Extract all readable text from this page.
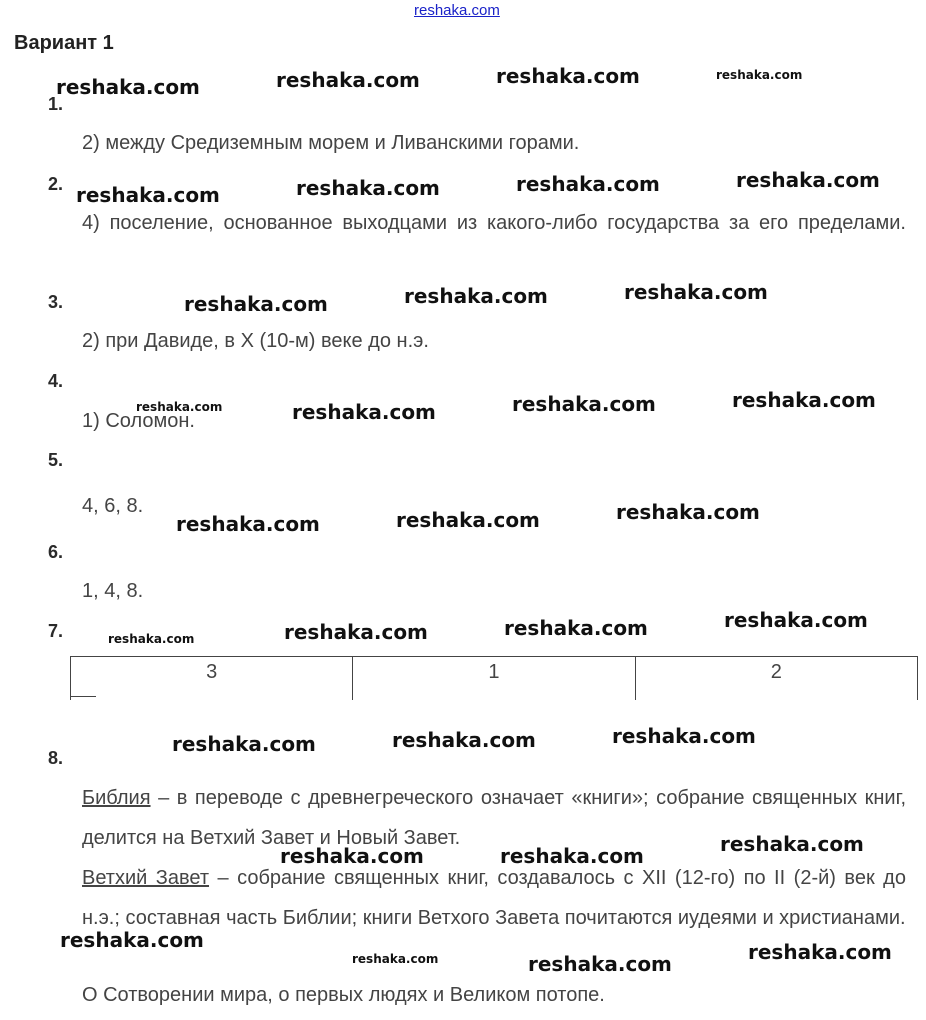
reshaka.com
Вариант 1
1.
2) между Средиземным морем и Ливанскими горами.
2.
4) поселение, основанное выходцами из какого-либо государства за его пределами.
3.
2) при Давиде, в X (10-м) веке до н.э.
4.
1) Соломон.
5.
4, 6, 8.
6.
1, 4, 8.
7.
3	1	2
8.
Библия – в переводе с древнегреческого означает «книги»; собрание священных книг, делится на Ветхий Завет и Новый Завет.
Ветхий Завет – собрание священных книг, создавалось с XII (12-го) по II (2-й) век до н.э.; составная часть Библии; книги Ветхого Завета почитаются иудеями и христианами.
О Сотворении мира, о первых людях и Великом потопе.
reshaka.com	reshaka.com	reshaka.com	reshaka.com
reshaka.com	reshaka.com	reshaka.com	reshaka.com
reshaka.com	reshaka.com	reshaka.com
reshaka.com	reshaka.com	reshaka.com	reshaka.com
reshaka.com	reshaka.com	reshaka.com
reshaka.com	reshaka.com	reshaka.com	reshaka.com
reshaka.com	reshaka.com	reshaka.com
reshaka.com
reshaka.com	reshaka.com
reshaka.com
reshaka.com	reshaka.com
reshaka.com
